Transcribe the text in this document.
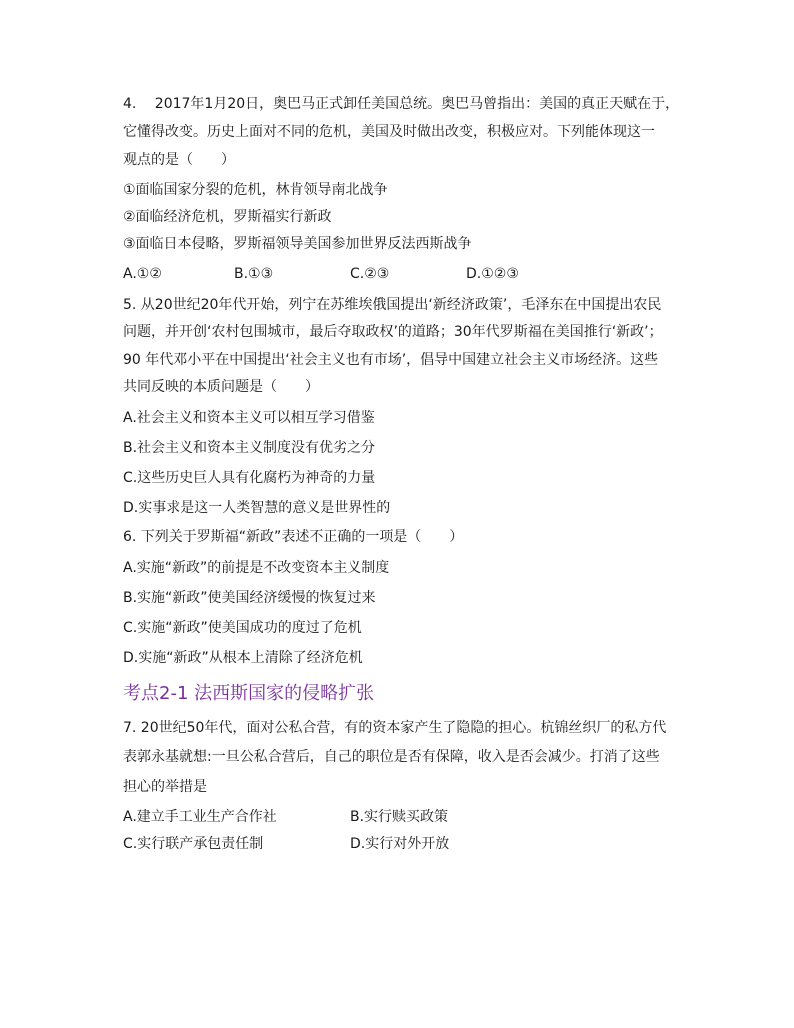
4.　 2017年1月20日，奥巴马正式卸任美国总统。奥巴马曾指出：美国的真正天赋在于，
它懂得改变。历史上面对不同的危机，美国及时做出改变，积极应对。下列能体现这一
观点的是（　　）
①面临国家分裂的危机，林肯领导南北战争
②面临经济危机，罗斯福实行新政
③面临日本侵略，罗斯福领导美国参加世界反法西斯战争
A.①②	B.①③	C.②③	D.①②③
5. 从20世纪20年代开始，列宁在苏维埃俄国提出‘新经济政策’，毛泽东在中国提出农民
问题，并开创‘农村包围城市，最后夺取政权’的道路；30年代罗斯福在美国推行‘新政’；
90 年代邓小平在中国提出‘社会主义也有市场’，倡导中国建立社会主义市场经济。这些
共同反映的本质问题是（　　）
A.社会主义和资本主义可以相互学习借鉴
B.社会主义和资本主义制度没有优劣之分
C.这些历史巨人具有化腐朽为神奇的力量
D.实事求是这一人类智慧的意义是世界性的
6. 下列关于罗斯福“新政”表述不正确的一项是（　　）
A.实施“新政”的前提是不改变资本主义制度
B.实施“新政”使美国经济缓慢的恢复过来
C.实施“新政”使美国成功的度过了危机
D.实施“新政”从根本上清除了经济危机
考点2-1 法西斯国家的侵略扩张
7. 20世纪50年代，面对公私合营，有的资本家产生了隐隐的担心。杭锦丝织厂的私方代
表郭永基就想:一旦公私合营后，自己的职位是否有保障，收入是否会减少。打消了这些
担心的举措是
A.建立手工业生产合作社	B.实行赎买政策
C.实行联产承包责任制	D.实行对外开放
